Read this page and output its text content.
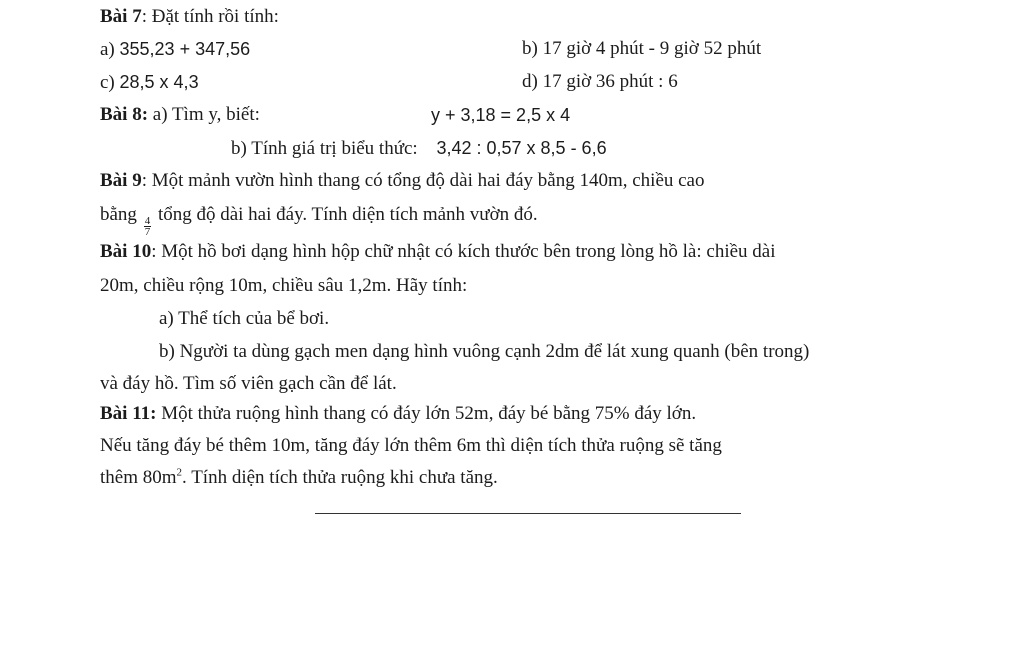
Bài 7: Đặt tính rồi tính:
a) 355,23 + 347,56	b) 17 giờ 4 phút - 9 giờ 52 phút
c) 28,5 x 4,3	d) 17 giờ 36 phút : 6
Bài 8: a) Tìm y, biết:	y + 3,18 = 2,5 x 4
b) Tính giá trị biểu thức: 3,42 : 0,57 x 8,5 - 6,6
Bài 9: Một mảnh vườn hình thang có tổng độ dài hai đáy bằng 140m, chiều cao
bằng
$\frac{4}{7}$
tổng độ dài hai đáy. Tính diện tích mảnh vườn đó.
Bài 10: Một hồ bơi dạng hình hộp chữ nhật có kích thước bên trong lòng hồ là: chiều dài
20m, chiều rộng 10m, chiều sâu 1,2m. Hãy tính:
a) Thể tích của bể bơi.
b) Người ta dùng gạch men dạng hình vuông cạnh 2dm để lát xung quanh (bên trong)
và đáy hồ. Tìm số viên gạch cần để lát.
Bài 11: Một thửa ruộng hình thang có đáy lớn 52m, đáy bé bằng 75% đáy lớn.
Nếu tăng đáy bé thêm 10m, tăng đáy lớn thêm 6m thì diện tích thửa ruộng sẽ tăng
thêm $80m^2$. Tính diện tích thửa ruộng khi chưa tăng.
